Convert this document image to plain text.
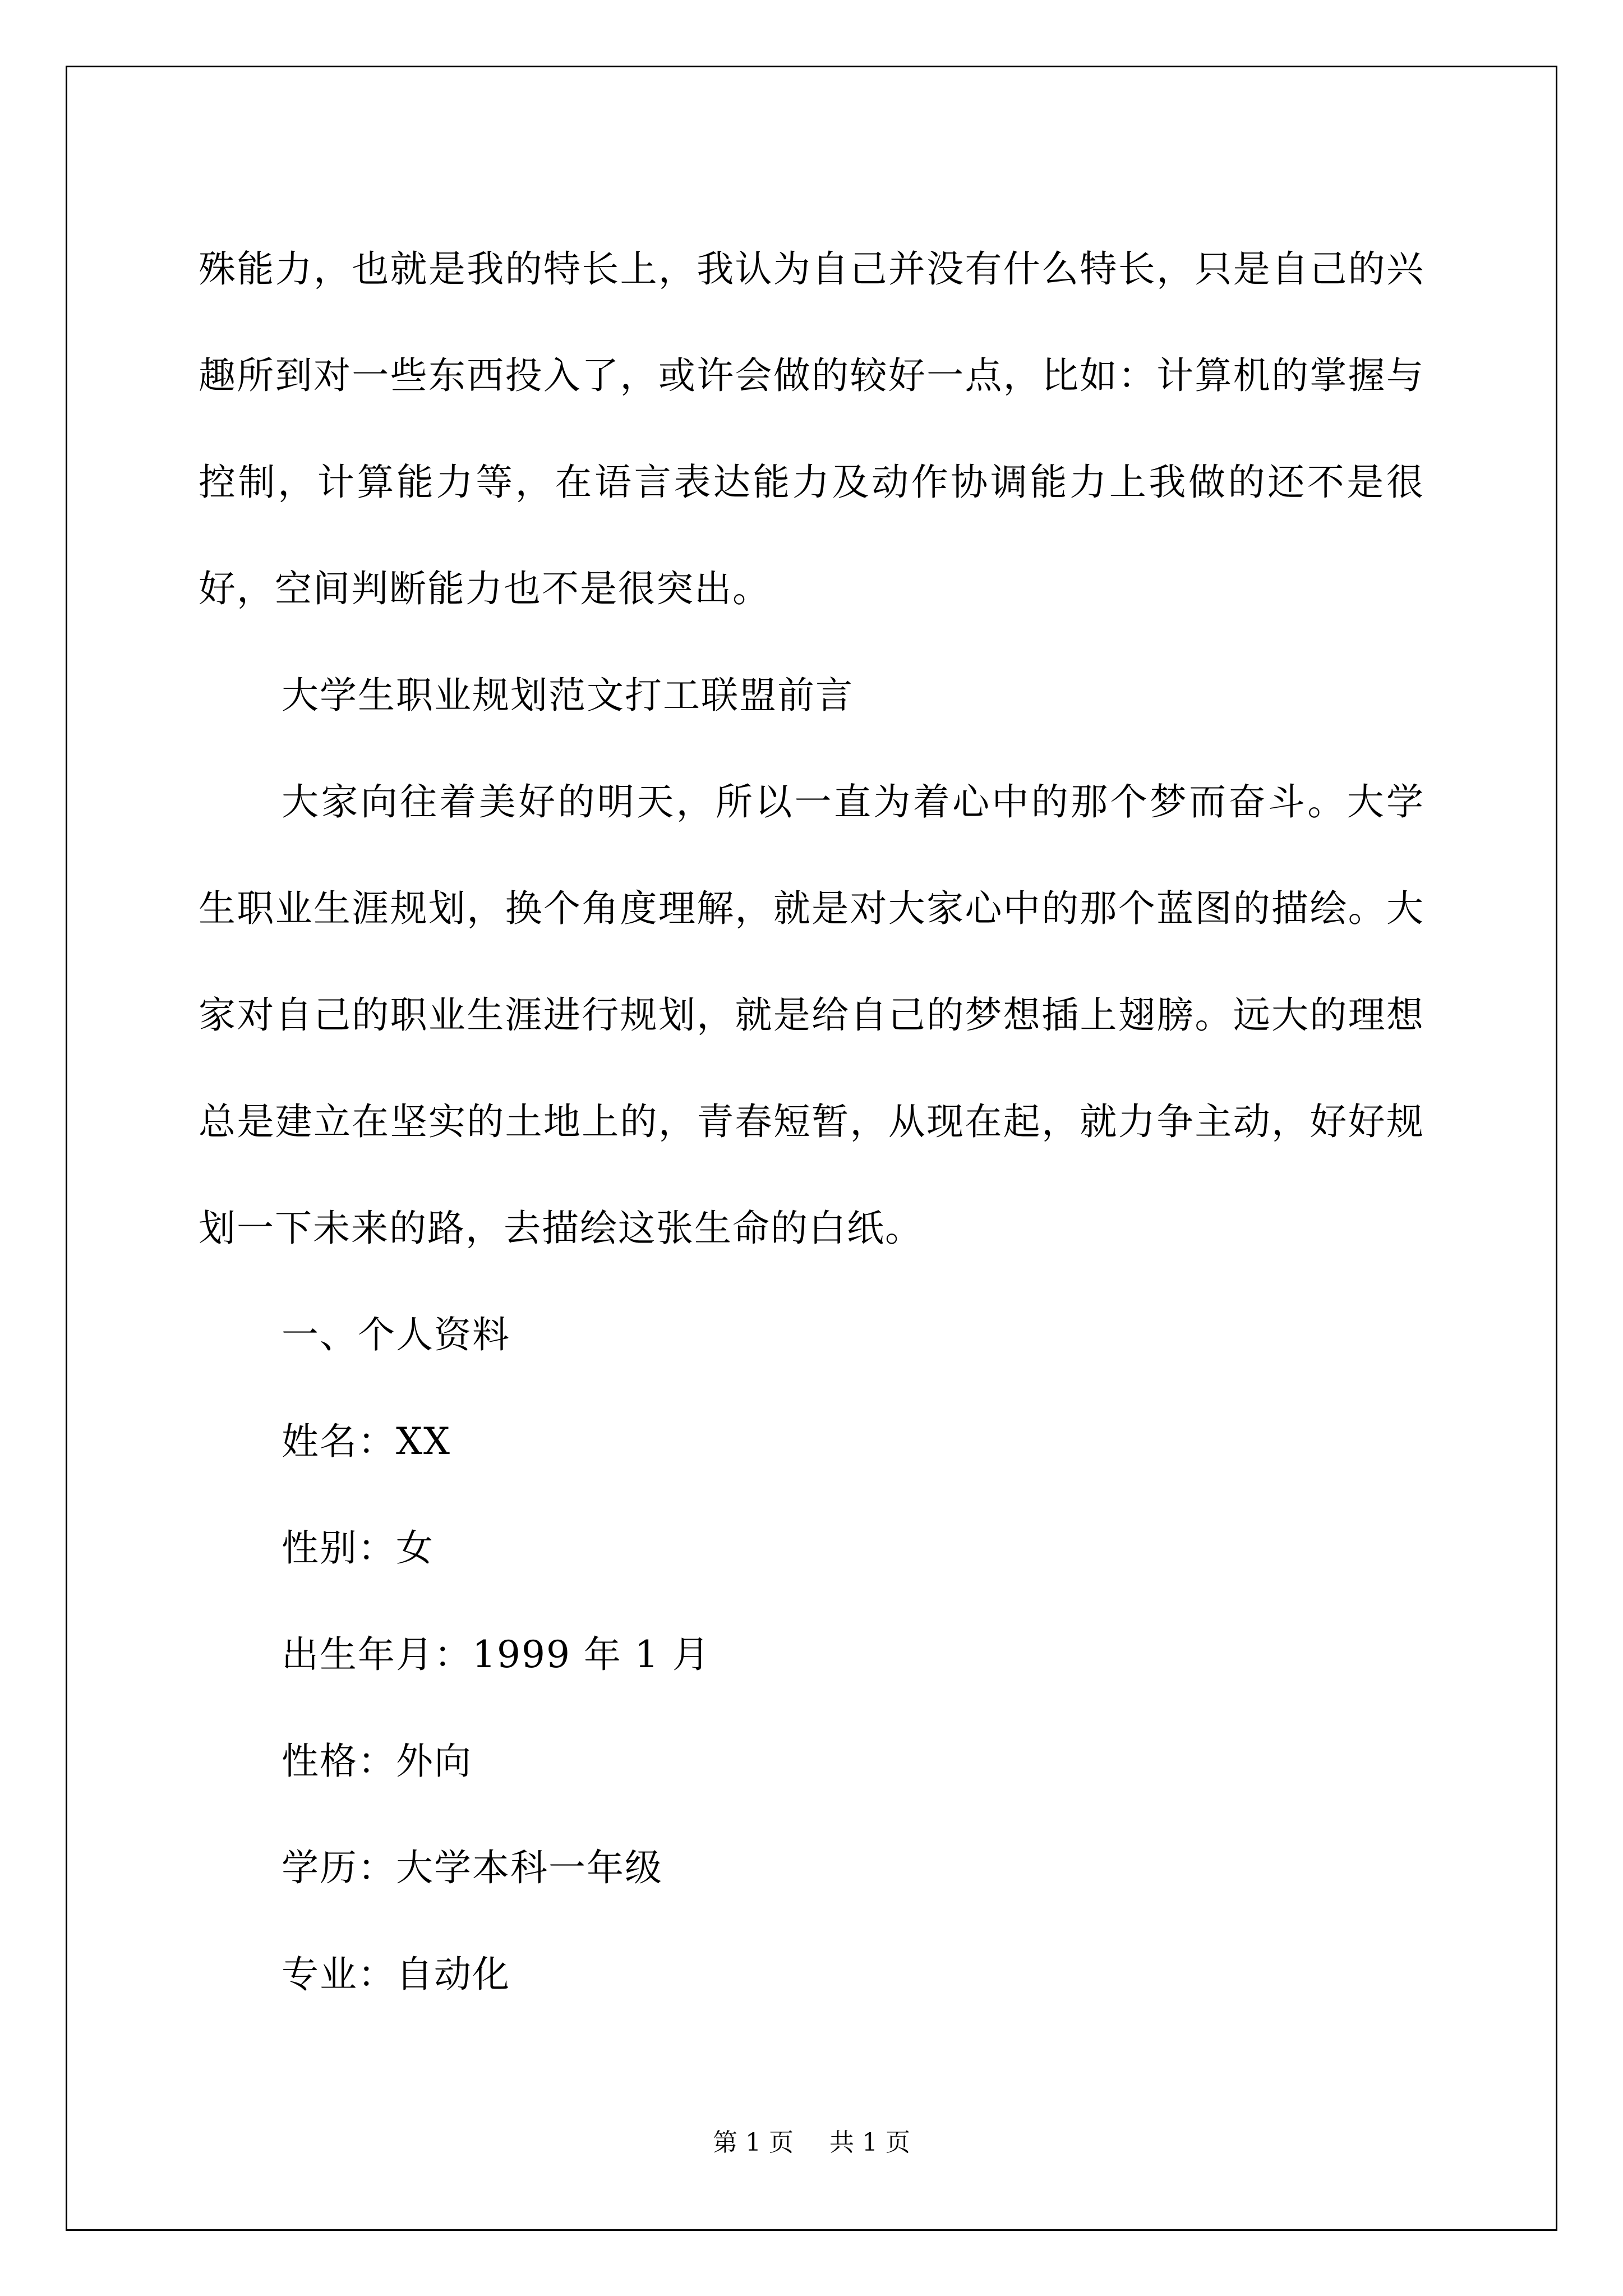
殊能力，也就是我的特长上，我认为自己并没有什么特长，只是自己的兴趣所到对一些东西投入了，或许会做的较好一点，比如：计算机的掌握与控制，计算能力等，在语言表达能力及动作协调能力上我做的还不是很好，空间判断能力也不是很突出。

大学生职业规划范文打工联盟前言

大家向往着美好的明天，所以一直为着心中的那个梦而奋斗。大学生职业生涯规划，换个角度理解，就是对大家心中的那个蓝图的描绘。大家对自己的职业生涯进行规划，就是给自己的梦想插上翅膀。远大的理想总是建立在坚实的土地上的，青春短暂，从现在起，就力争主动，好好规划一下未来的路，去描绘这张生命的白纸。

一、个人资料

姓名：XX

性别：女

出生年月：1999 年 1 月

性格：外向

学历：大学本科一年级

专业：自动化

第 1 页 共 1 页
